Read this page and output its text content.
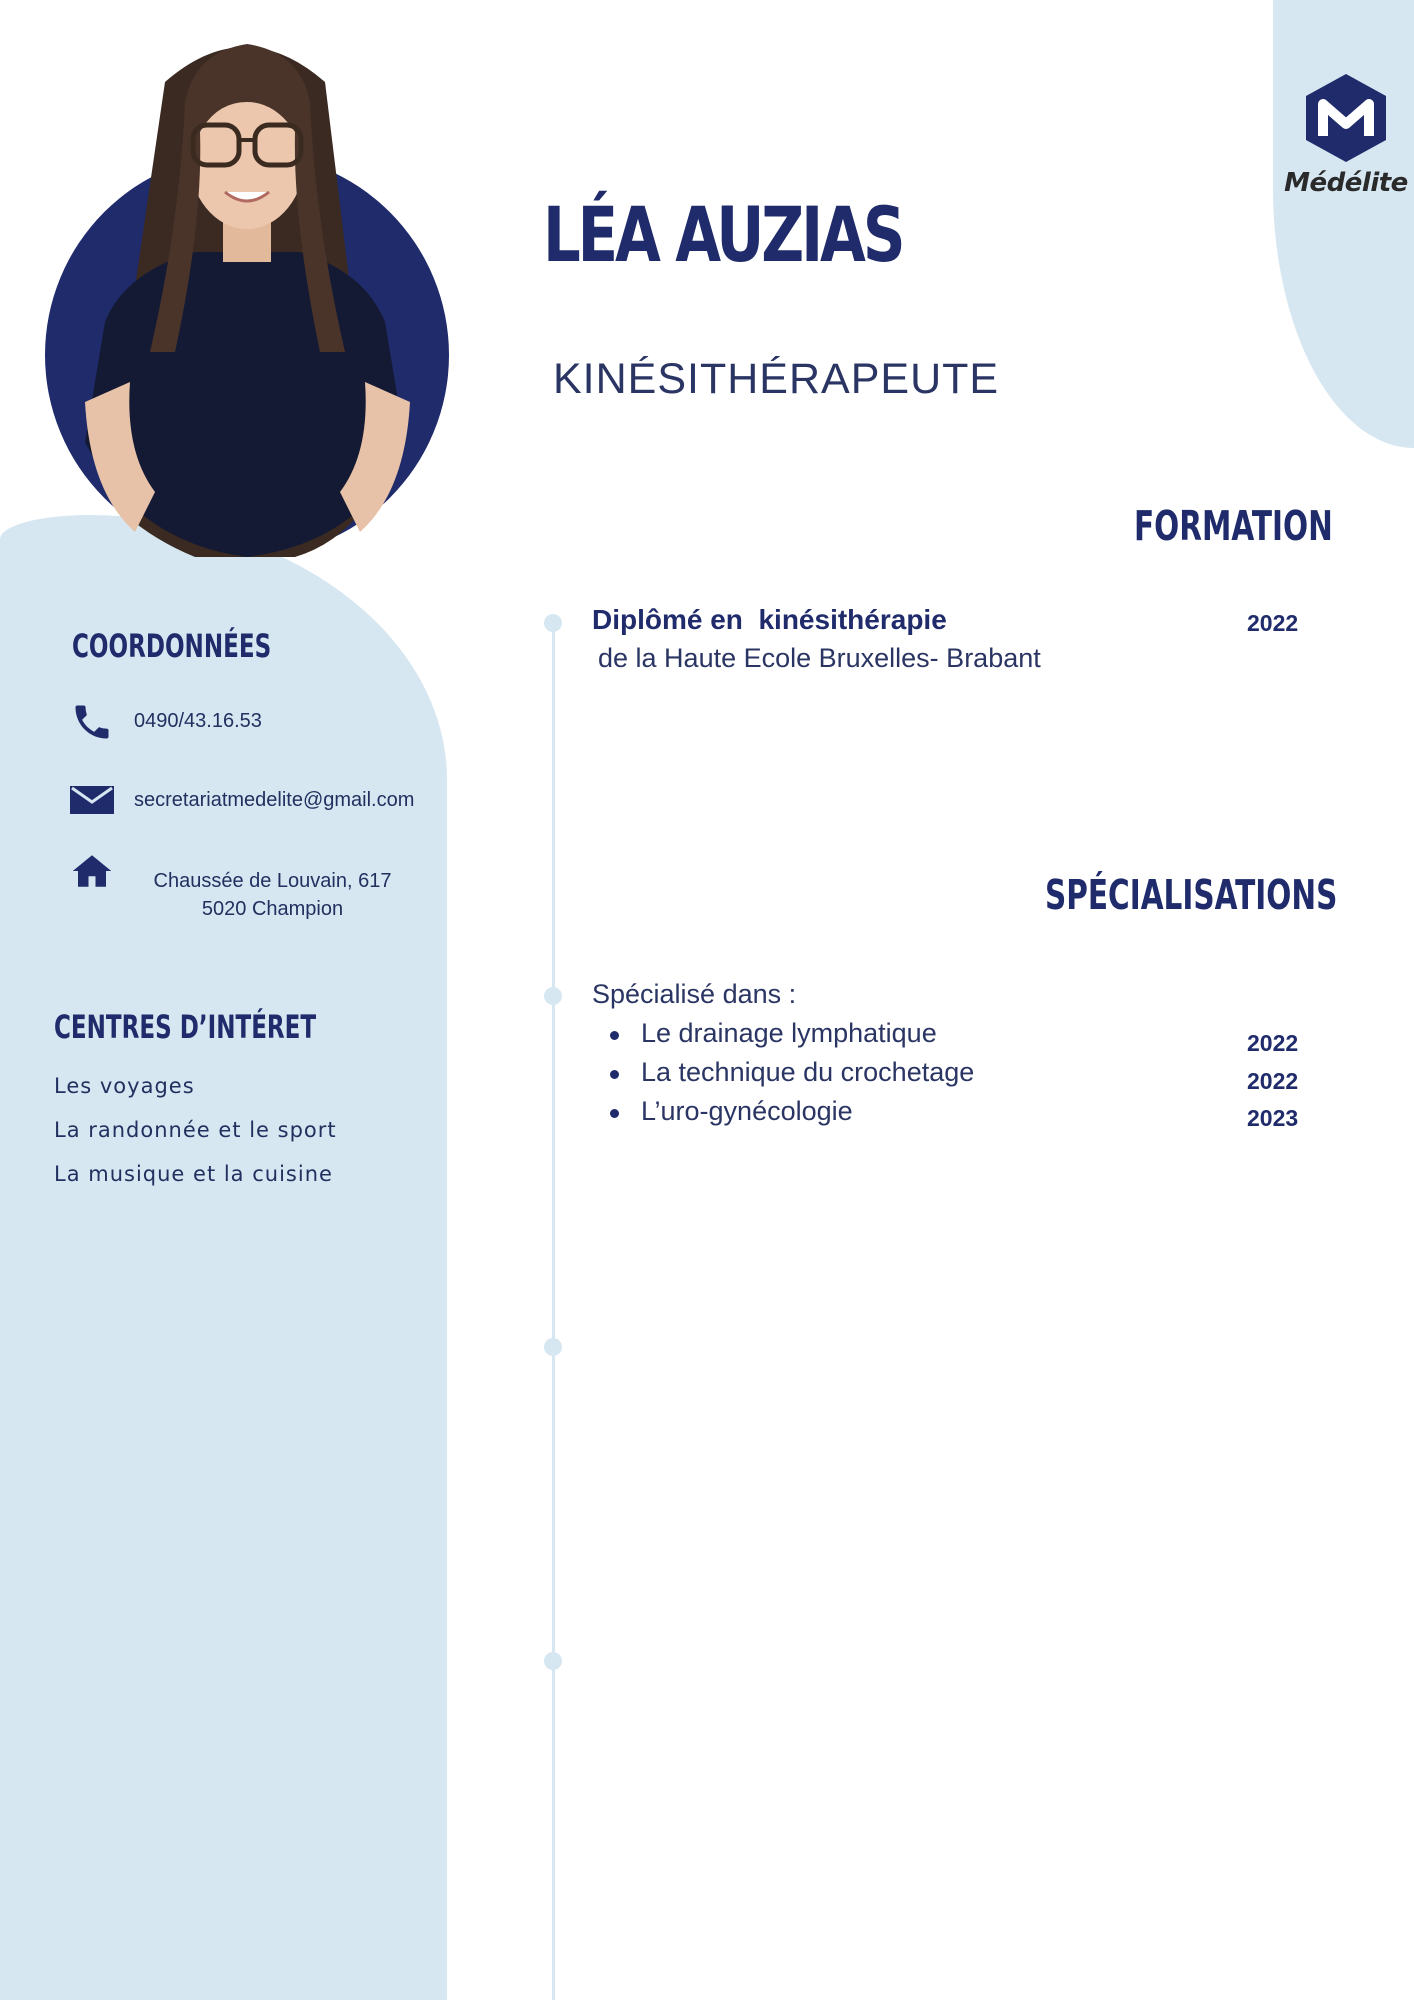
Médélite
LÉA AUZIAS
KINÉSITHÉRAPEUTE
FORMATION
Diplômé en  kinésithérapie
de la Haute Ecole Bruxelles- Brabant
2022
SPÉCIALISATIONS
Spécialisé dans :
Le drainage lymphatique	2022
La technique du crochetage	2022
L’uro-gynécologie	2023
COORDONNÉES
0490/43.16.53
secretariatmedelite@gmail.com
Chaussée de Louvain, 617
5020 Champion
CENTRES D’INTÉRET
Les voyages
La randonnée et le sport
La musique et la cuisine
